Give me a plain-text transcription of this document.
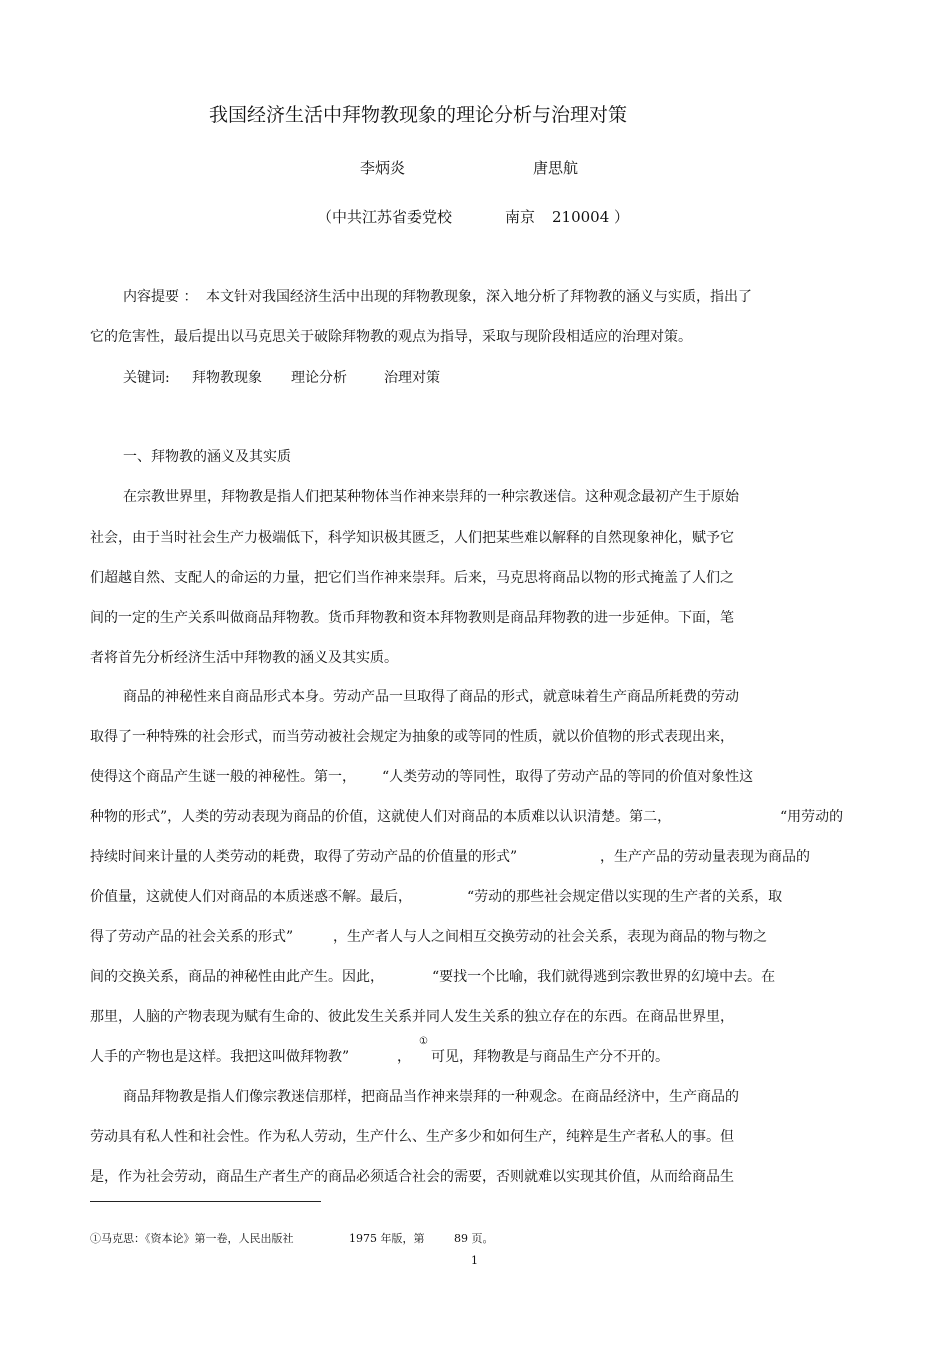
我国经济生活中拜物教现象的理论分析与治理对策
李炳炎	唐思航
（中共江苏省委党校	南京 210004 ）
内容提要 ： 本文针对我国经济生活中出现的拜物教现象，深入地分析了拜物教的涵义与实质，指出了
它的危害性，最后提出以马克思关于破除拜物教的观点为指导，采取与现阶段相适应的治理对策。
关键词: 拜物教现象 理论分析	治理对策
一、拜物教的涵义及其实质
在宗教世界里，拜物教是指人们把某种物体当作神来崇拜的一种宗教迷信。这种观念最初产生于原始
社会，由于当时社会生产力极端低下，科学知识极其匮乏，人们把某些难以解释的自然现象神化，赋予它
们超越自然、支配人的命运的力量，把它们当作神来崇拜。后来，马克思将商品以物的形式掩盖了人们之
间的一定的生产关系叫做商品拜物教。货币拜物教和资本拜物教则是商品拜物教的进一步延伸。下面，笔
者将首先分析经济生活中拜物教的涵义及其实质。
商品的神秘性来自商品形式本身。劳动产品一旦取得了商品的形式，就意味着生产商品所耗费的劳动
取得了一种特殊的社会形式，而当劳动被社会规定为抽象的或等同的性质，就以价值物的形式表现出来，
使得这个商品产生谜一般的神秘性。第一， “人类劳动的等同性，取得了劳动产品的等同的价值对象性这
种物的形式”，人类的劳动表现为商品的价值，这就使人们对商品的本质难以认识清楚。第二，	“用劳动的
持续时间来计量的人类劳动的耗费，取得了劳动产品的价值量的形式”	，生产产品的劳动量表现为商品的
价值量，这就使人们对商品的本质迷惑不解。最后，	“劳动的那些社会规定借以实现的生产者的关系，取
得了劳动产品的社会关系的形式”	，生产者人与人之间相互交换劳动的社会关系，表现为商品的物与物之
间的交换关系，商品的神秘性由此产生。因此，	“要找一个比喻，我们就得逃到宗教世界的幻境中去。在
那里，人脑的产物表现为赋有生命的、彼此发生关系并同人发生关系的独立存在的东西。在商品世界里，
人手的产物也是这样。我把这叫做拜物教”	，
①
可见，拜物教是与商品生产分不开的。
商品拜物教是指人们像宗教迷信那样，把商品当作神来崇拜的一种观念。在商品经济中，生产商品的
劳动具有私人性和社会性。作为私人劳动，生产什么、生产多少和如何生产，纯粹是生产者私人的事。但
是，作为社会劳动，商品生产者生产的商品必须适合社会的需要，否则就难以实现其价值，从而给商品生
①马克思：《资本论》第一卷，人民出版社	1975 年版，第	89 页。
1
